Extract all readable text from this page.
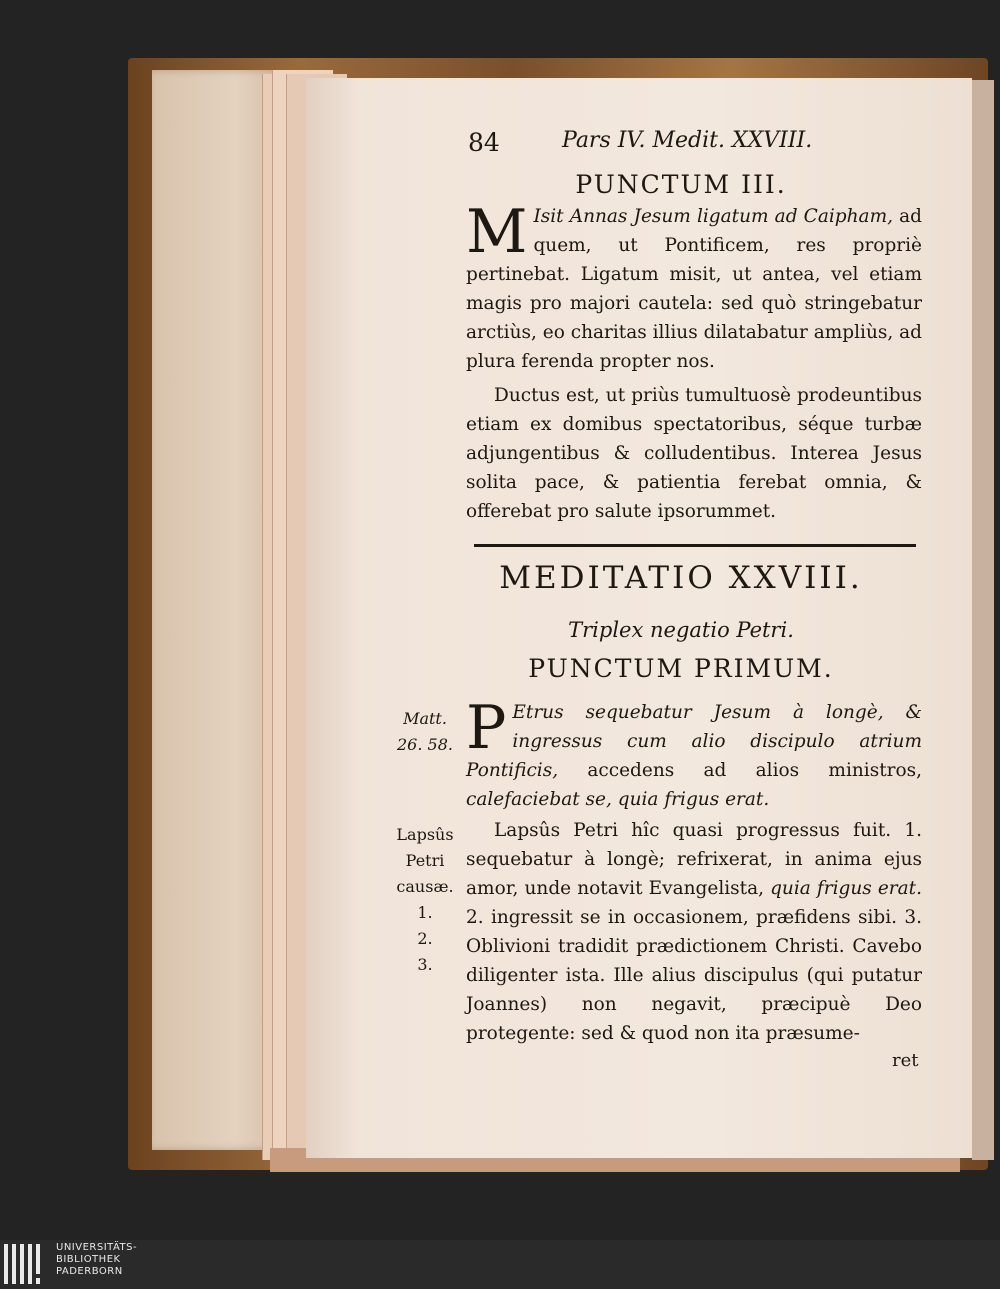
84	Pars IV. Medit. XXVIII.
PUNCTUM III.

M Isit Annas Jesum ligatum ad Caipham, ad quem, ut Pontificem, res propriè pertinebat. Ligatum misit, ut antea, vel etiam magis pro majori cautela: sed quò stringebatur arctiùs, eo charitas illius dilatabatur ampliùs, ad plura ferenda propter nos.

Ductus est, ut priùs tumultuosè prodeuntibus etiam ex domibus spectatoribus, séque turbæ adjungentibus & colludentibus. Interea Jesus solita pace, & patientia ferebat omnia, & offerebat pro salute ipsorummet.

MEDITATIO XXVIII.
Triplex negatio Petri.
PUNCTUM PRIMUM.

P Etrus sequebatur Jesum à longè, & ingressus cum alio discipulo atrium Pontificis, accedens ad alios ministros, calefaciebat se, quia frigus erat.

Lapsûs Petri hîc quasi progressus fuit. 1. sequebatur à longè; refrixerat, in anima ejus amor, unde notavit Evangelista, quia frigus erat. 2. ingressit se in occasionem, præfidens sibi. 3. Oblivioni tradidit prædictionem Christi. Cavebo diligenter ista. Ille alius discipulus (qui putatur Joannes) non negavit, præcipuè Deo protegente: sed & quod non ita præsume-

ret

Matt.
26. 58.

Lapsûs
Petri
causæ.
1.
2.
3.

UNIVERSITÄTS-
BIBLIOTHEK
PADERBORN
